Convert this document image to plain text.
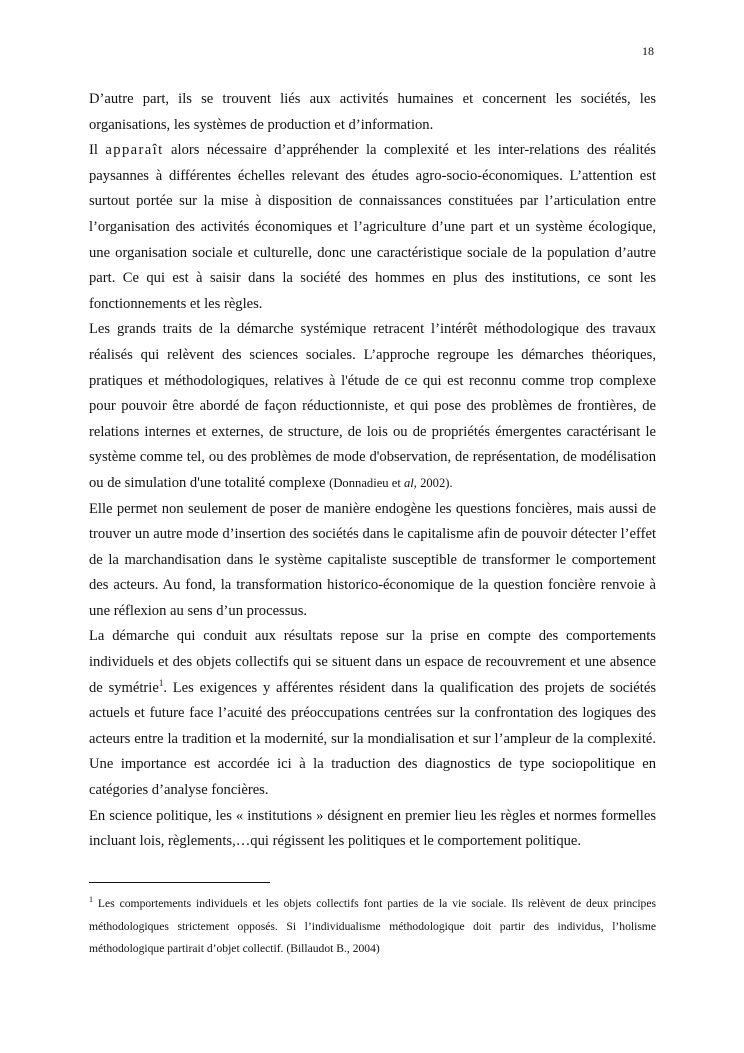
18

D’autre part, ils se trouvent liés aux activités humaines et concernent les sociétés, les organisations, les systèmes de production et d’information.

Il apparaît alors nécessaire d’appréhender la complexité et les inter-relations des réalités paysannes à différentes échelles relevant des études agro-socio-économiques. L’attention est surtout portée sur la mise à disposition de connaissances constituées par l’articulation entre l’organisation des activités économiques et l’agriculture d’une part et un système écologique, une organisation sociale et culturelle, donc une caractéristique sociale de la population d’autre part. Ce qui est à saisir dans la société des hommes en plus des institutions, ce sont les fonctionnements et les règles.

Les grands traits de la démarche systémique retracent l’intérêt méthodologique des travaux réalisés qui relèvent des sciences sociales. L’approche regroupe les démarches théoriques, pratiques et méthodologiques, relatives à l'étude de ce qui est reconnu comme trop complexe pour pouvoir être abordé de façon réductionniste, et qui pose des problèmes de frontières, de relations internes et externes, de structure, de lois ou de propriétés émergentes caractérisant le système comme tel, ou des problèmes de mode d'observation, de représentation, de modélisation ou de simulation d'une totalité complexe (Donnadieu et al, 2002).

Elle permet non seulement de poser de manière endogène les questions foncières, mais aussi de trouver un autre mode d’insertion des sociétés dans le capitalisme afin de pouvoir détecter l’effet de la marchandisation dans le système capitaliste susceptible de transformer le comportement des acteurs. Au fond, la transformation historico-économique de la question foncière renvoie à une réflexion au sens d’un processus.

La démarche qui conduit aux résultats repose sur la prise en compte des comportements individuels et des objets collectifs qui se situent dans un espace de recouvrement et une absence de symétrie$^1$. Les exigences y afférentes résident dans la qualification des projets de sociétés actuels et future face l’acuité des préoccupations centrées sur la confrontation des logiques des acteurs entre la tradition et la modernité, sur la mondialisation et sur l’ampleur de la complexité. Une importance est accordée ici à la traduction des diagnostics de type sociopolitique en catégories d’analyse foncières.

En science politique, les « institutions » désignent en premier lieu les règles et normes formelles incluant lois, règlements,…qui régissent les politiques et le comportement politique.

$^1$ Les comportements individuels et les objets collectifs font parties de la vie sociale. Ils relèvent de deux principes méthodologiques strictement opposés. Si l’individualisme méthodologique doit partir des individus, l’holisme méthodologique partirait d’objet collectif. (Billaudot B., 2004)
